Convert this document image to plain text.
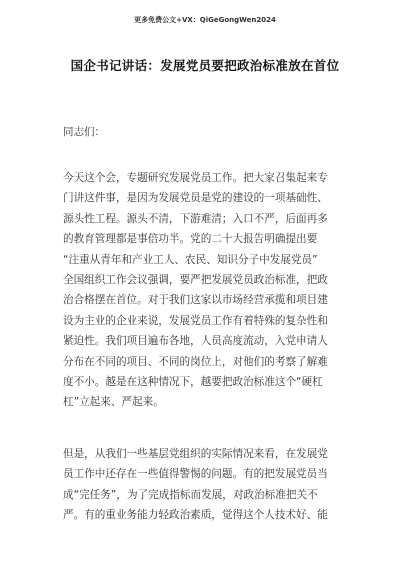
更多免费公文+VX：QiGeGongWen2024
国企书记讲话：发展党员要把政治标准放在首位
同志们：
今天这个会，专题研究发展党员工作。把大家召集起来专
门讲这件事，是因为发展党员是党的建设的一项基础性、
源头性工程。源头不清，下游难清；入口不严，后面再多
的教育管理都是事倍功半。党的二十大报告明确提出要
“注重从青年和产业工人、农民、知识分子中发展党员”
全国组织工作会议强调，要严把发展党员政治标准，把政
治合格摆在首位。对于我们这家以市场经营承揽和项目建
设为主业的企业来说，发展党员工作有着特殊的复杂性和
紧迫性。我们项目遍布各地，人员高度流动，入党申请人
分布在不同的项目、不同的岗位上，对他们的考察了解难
度不小。越是在这种情况下，越要把政治标准这个“硬杠
杠”立起来、严起来。
但是，从我们一些基层党组织的实际情况来看，在发展党
员工作中还存在一些值得警惕的问题。有的把发展党员当
成“完任务”，为了完成指标而发展，对政治标准把关不
严。有的重业务能力轻政治素质，觉得这个人技术好、能
